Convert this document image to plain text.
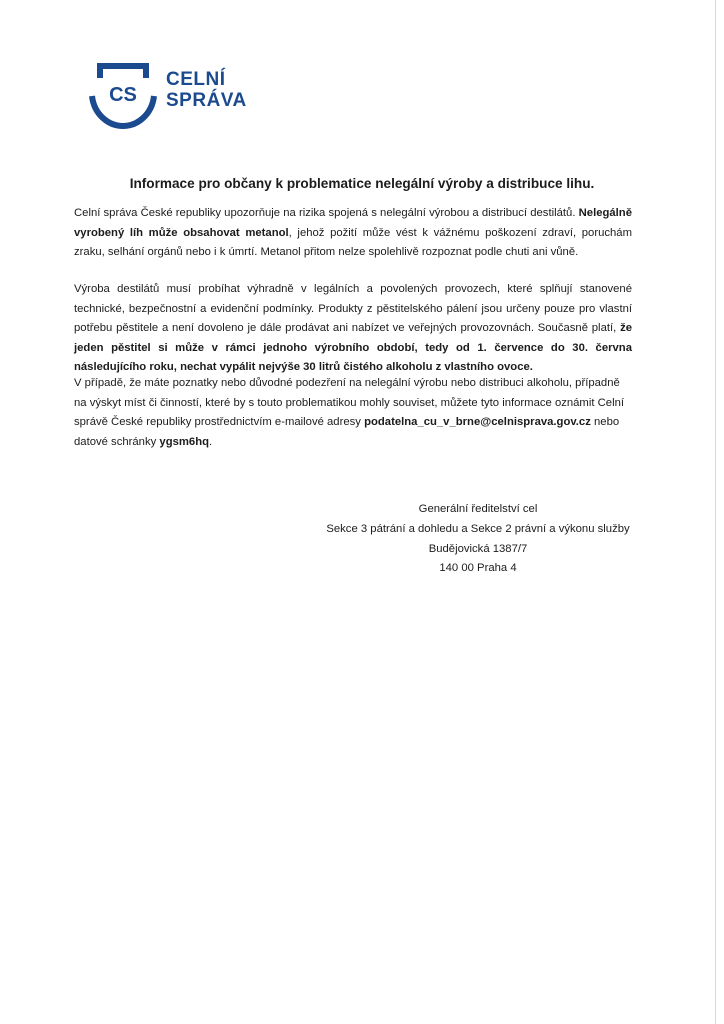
CS
CELNÍ
SPRÁVA
Informace pro občany k problematice nelegální výroby a distribuce lihu.

Celní správa České republiky upozorňuje na rizika spojená s nelegální výrobou a distribucí destilátů. Nelegálně vyrobený líh může obsahovat metanol, jehož požití může vést k vážnému poškození zdraví, poruchám zraku, selhání orgánů nebo i k úmrtí. Metanol přitom nelze spolehlivě rozpoznat podle chuti ani vůně.

Výroba destilátů musí probíhat výhradně v legálních a povolených provozech, které splňují stanovené technické, bezpečnostní a evidenční podmínky. Produkty z pěstitelského pálení jsou určeny pouze pro vlastní potřebu pěstitele a není dovoleno je dále prodávat ani nabízet ve veřejných provozovnách. Současně platí, že jeden pěstitel si může v rámci jednoho výrobního období, tedy od 1. července do 30. června následujícího roku, nechat vypálit nejvýše 30 litrů čistého alkoholu z vlastního ovoce.

V případě, že máte poznatky nebo důvodné podezření na nelegální výrobu nebo distribuci alkoholu, případně na výskyt míst či činností, které by s touto problematikou mohly souviset, můžete tyto informace oznámit Celní správě České republiky prostřednictvím e-mailové adresy podatelna_cu_v_brne@celnisprava.gov.cz nebo datové schránky ygsm6hq.

Generální ředitelství cel
Sekce 3 pátrání a dohledu a Sekce 2 právní a výkonu služby
Budějovická 1387/7
140 00 Praha 4
